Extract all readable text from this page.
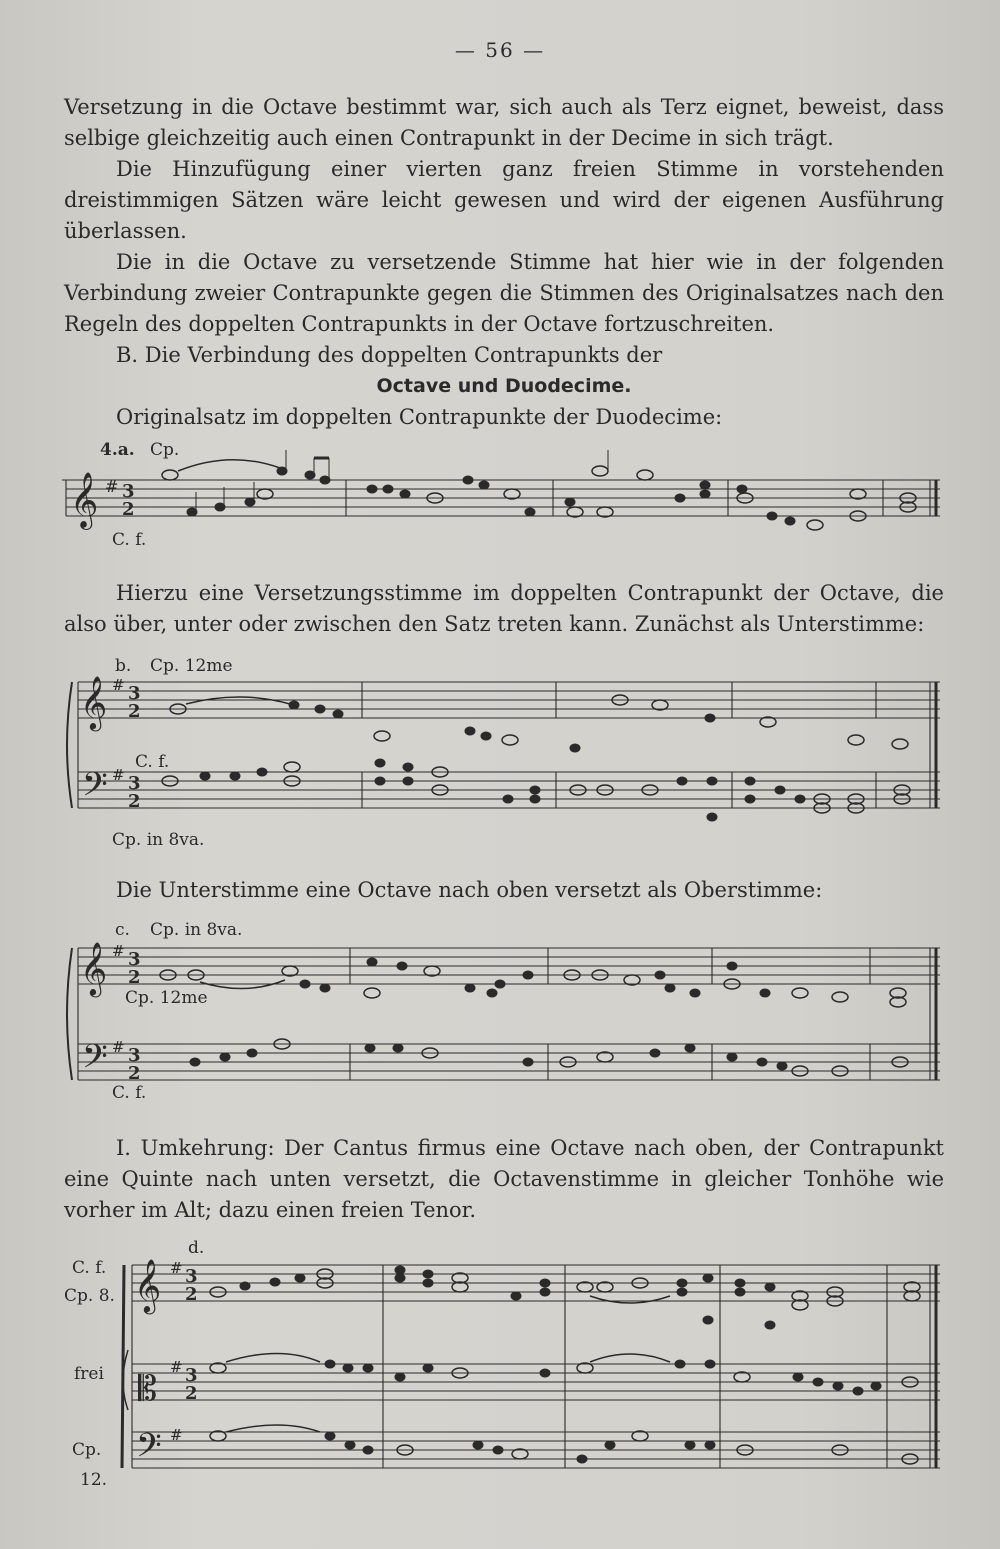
— 56 —

Versetzung in die Octave bestimmt war, sich auch als Terz eignet, beweist, dass selbige gleichzeitig auch einen Contrapunkt in der Decime in sich trägt.

Die Hinzufügung einer vierten ganz freien Stimme in vorstehenden dreistimmigen Sätzen wäre leicht gewesen und wird der eigenen Ausführung überlassen.

Die in die Octave zu versetzende Stimme hat hier wie in der folgenden Verbindung zweier Contrapunkte gegen die Stimmen des Originalsatzes nach den Regeln des doppelten Contrapunkts in der Octave fortzuschreiten.

B. Die Verbindung des doppelten Contrapunkts der

Octave und Duodecime.

Originalsatz im doppelten Contrapunkte der Duodecime:

4.a. Cp.
C. f.
𝄞 # 3
2

Hierzu eine Versetzungsstimme im doppelten Contrapunkt der Octave, die also über, unter oder zwischen den Satz treten kann. Zunächst als Unterstimme:

b. Cp. 12me
C. f.
Cp. in 8va.
𝄞
𝄢
#
#
3
2
3
2

Die Unterstimme eine Octave nach oben versetzt als Oberstimme:

c. Cp. in 8va.
Cp. 12me
C. f.
𝄞
𝄢
#
#
3
2
3
2

I. Umkehrung: Der Cantus firmus eine Octave nach oben, der Contrapunkt eine Quinte nach unten versetzt, die Octavenstimme in gleicher Tonhöhe wie vorher im Alt; dazu einen freien Tenor.

d.
C. f.
Cp. 8.
frei
Cp.
12.
𝄞
𝄡
𝄢
#
#
#
3
2
3
2
